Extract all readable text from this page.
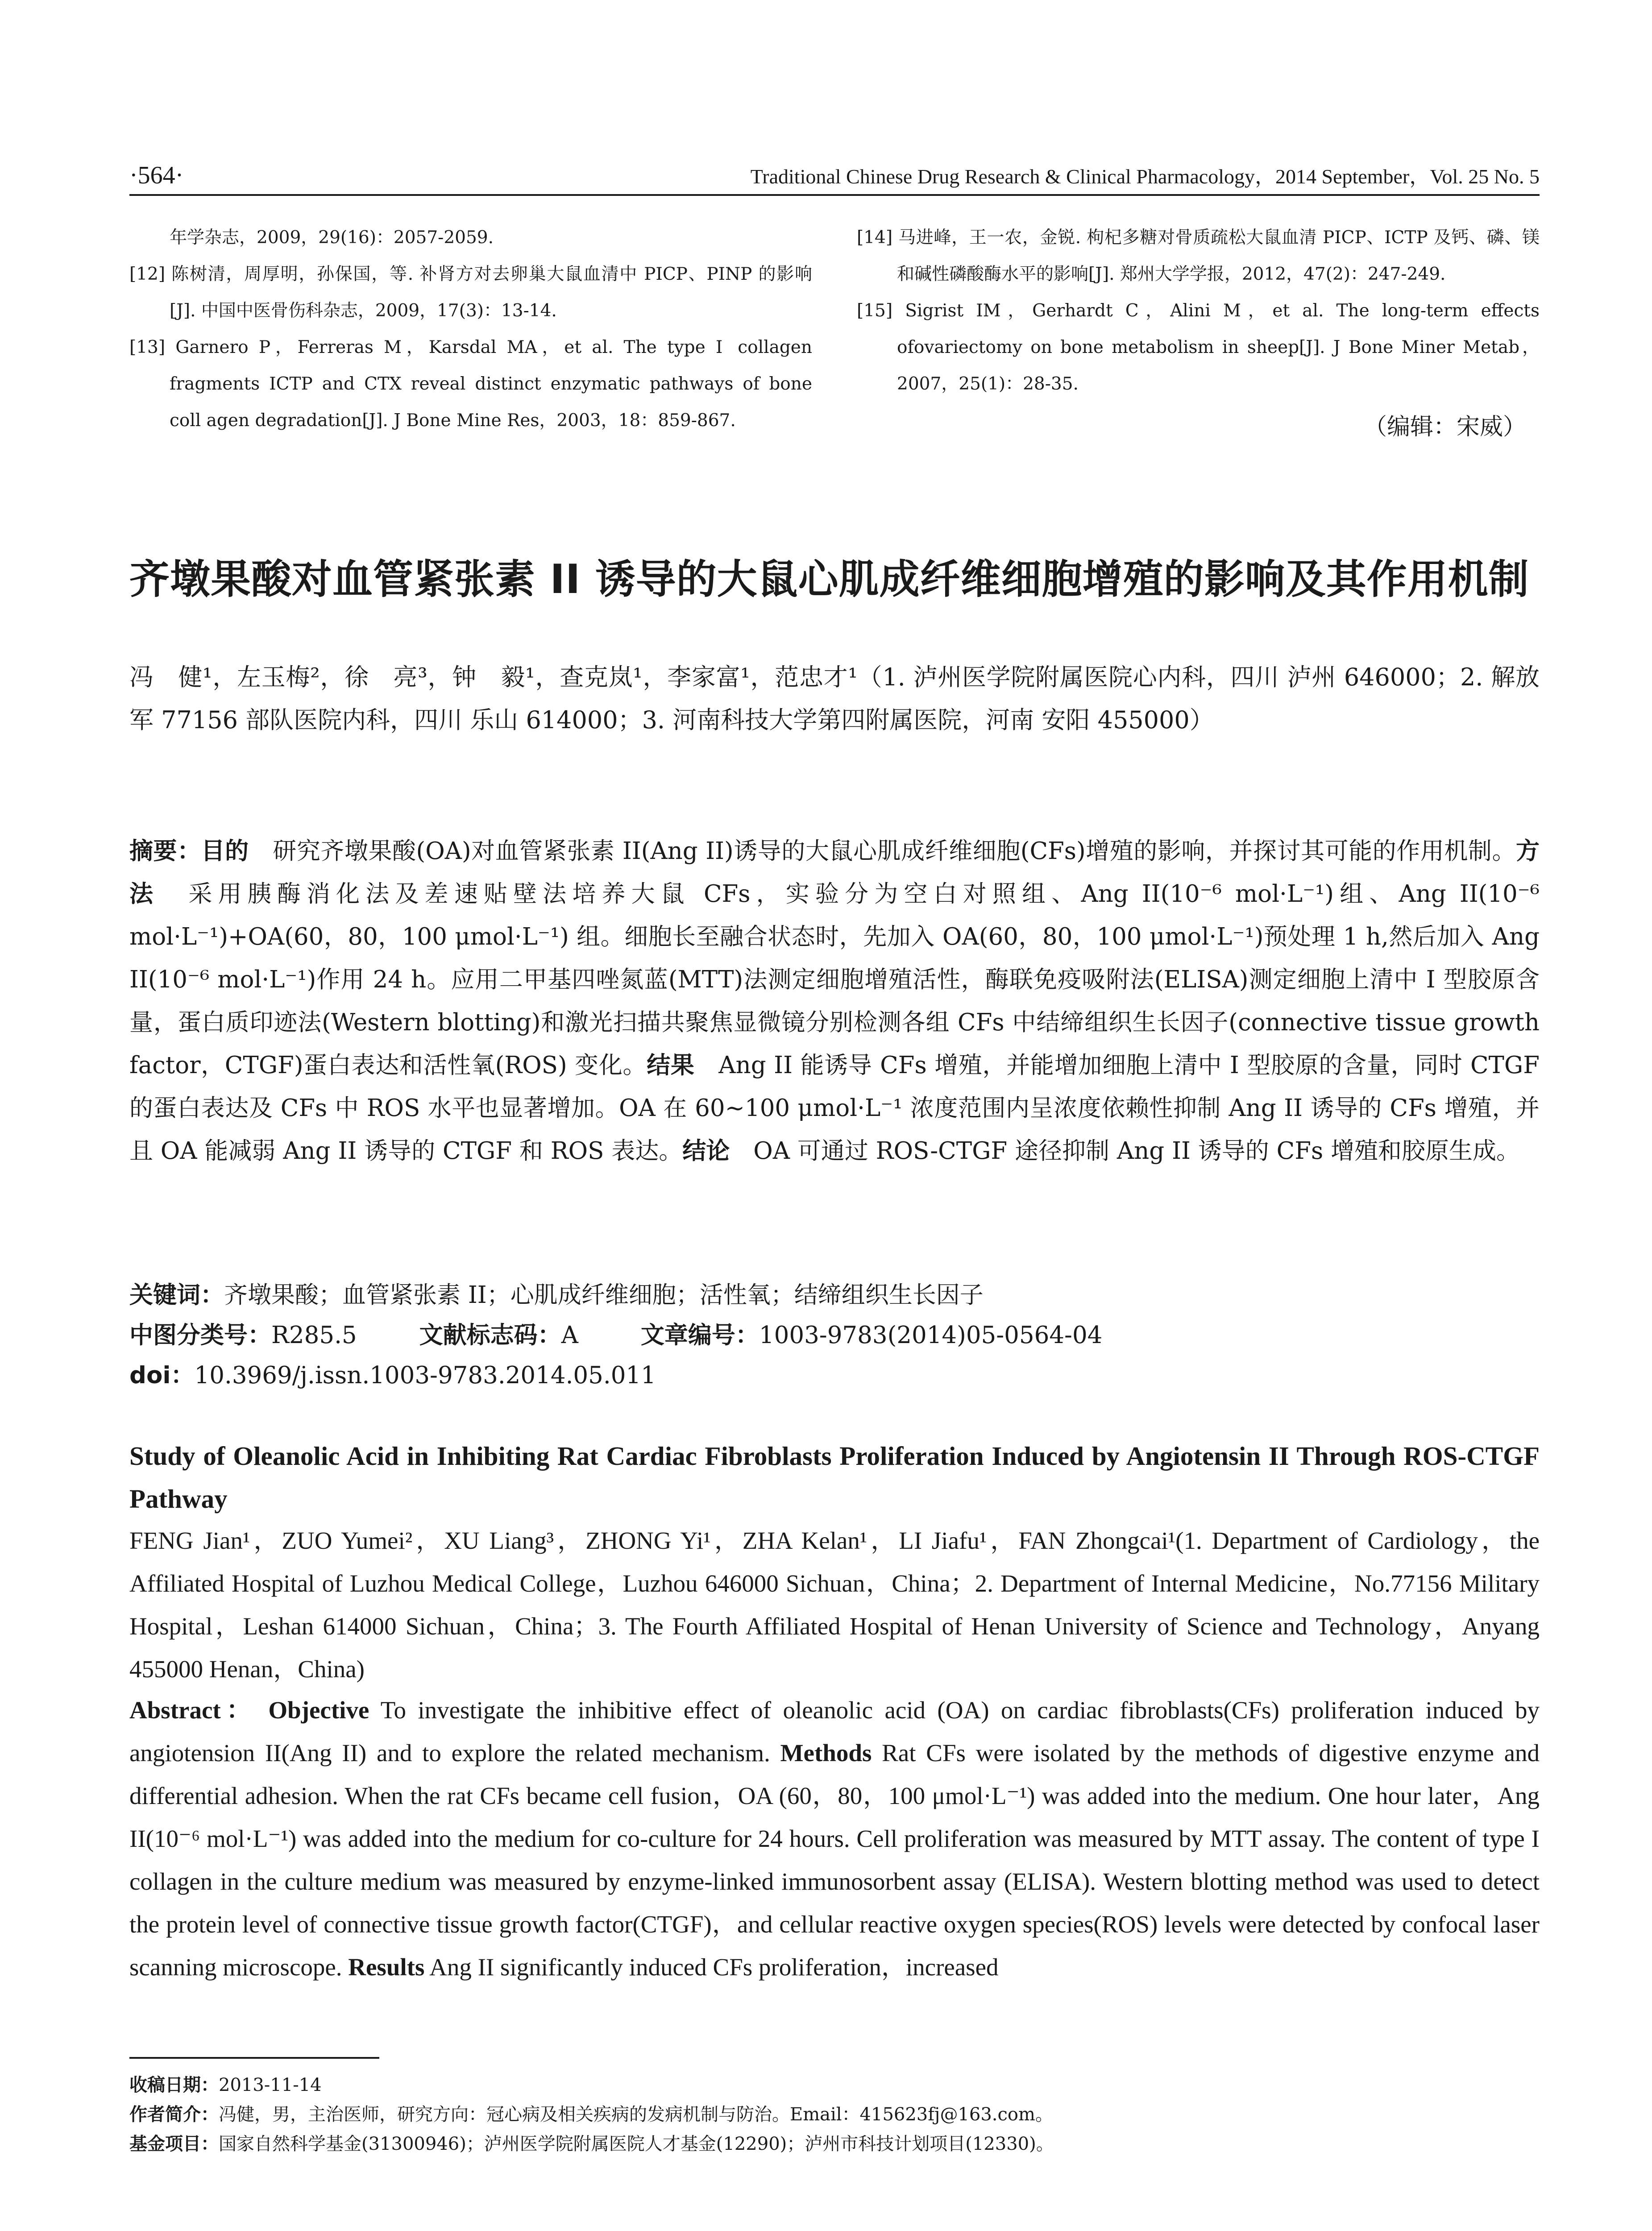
·564·	Traditional Chinese Drug Research & Clinical Pharmacology，2014 September，Vol. 25 No. 5

年学杂志，2009，29(16)：2057-2059.

[12] 陈树清，周厚明，孙保国，等. 补肾方对去卵巢大鼠血清中 PICP、PINP 的影响[J]. 中国中医骨伤科杂志，2009，17(3)：13-14.

[13] Garnero P，Ferreras M，Karsdal MA，et al. The type Ⅰ collagen fragments ICTP and CTX reveal distinct enzymatic pathways of bone coll agen degradation[J]. J Bone Mine Res，2003，18：859-867.

[14] 马进峰，王一农，金锐. 枸杞多糖对骨质疏松大鼠血清 PICP、ICTP 及钙、磷、镁和碱性磷酸酶水平的影响[J]. 郑州大学学报，2012，47(2)：247-249.

[15] Sigrist IM，Gerhardt C，Alini M，et al. The long-term effects ofovariectomy on bone metabolism in sheep[J]. J Bone Miner Metab，2007，25(1)：28-35.

（编辑：宋威）
齐墩果酸对血管紧张素 II 诱导的大鼠心肌成纤维细胞增殖的影响及其作用机制
冯　健¹，左玉梅²，徐　亮³，钟　毅¹，查克岚¹，李家富¹，范忠才¹（1. 泸州医学院附属医院心内科，四川 泸州 646000；2. 解放军 77156 部队医院内科，四川 乐山 614000；3. 河南科技大学第四附属医院，河南 安阳 455000）
摘要：目的　 研究齐墩果酸(OA)对血管紧张素 II(Ang II)诱导的大鼠心肌成纤维细胞(CFs)增殖的影响，并探讨其可能的作用机制。方法　 采用胰酶消化法及差速贴壁法培养大鼠 CFs，实验分为空白对照组、Ang II(10⁻⁶ mol·L⁻¹)组、Ang II(10⁻⁶ mol·L⁻¹)+OA(60，80，100 μmol·L⁻¹) 组。细胞长至融合状态时，先加入 OA(60，80，100 μmol·L⁻¹)预处理 1 h,然后加入 Ang II(10⁻⁶ mol·L⁻¹)作用 24 h。应用二甲基四唑氮蓝(MTT)法测定细胞增殖活性，酶联免疫吸附法(ELISA)测定细胞上清中 I 型胶原含量，蛋白质印迹法(Western blotting)和激光扫描共聚焦显微镜分别检测各组 CFs 中结缔组织生长因子(connective tissue growth factor，CTGF)蛋白表达和活性氧(ROS) 变化。结果　 Ang II 能诱导 CFs 增殖，并能增加细胞上清中 I 型胶原的含量，同时 CTGF 的蛋白表达及 CFs 中 ROS 水平也显著增加。OA 在 60~100 μmol·L⁻¹ 浓度范围内呈浓度依赖性抑制 Ang II 诱导的 CFs 增殖，并且 OA 能减弱 Ang II 诱导的 CTGF 和 ROS 表达。结论　 OA 可通过 ROS-CTGF 途径抑制 Ang II 诱导的 CFs 增殖和胶原生成。
关键词：齐墩果酸；血管紧张素 II；心肌成纤维细胞；活性氧；结缔组织生长因子
中图分类号：R285.5	文献标志码：A	文章编号：1003-9783(2014)05-0564-04
doi：10.3969/j.issn.1003-9783.2014.05.011
Study of Oleanolic Acid in Inhibiting Rat Cardiac Fibroblasts Proliferation Induced by Angiotensin II Through ROS-CTGF Pathway
FENG Jian¹，ZUO Yumei²，XU Liang³，ZHONG Yi¹，ZHA Kelan¹，LI Jiafu¹，FAN Zhongcai¹(1. Department of Cardiology，the Affiliated Hospital of Luzhou Medical College，Luzhou 646000 Sichuan，China；2. Department of Internal Medicine，No.77156 Military Hospital，Leshan 614000 Sichuan，China；3. The Fourth Affiliated Hospital of Henan University of Science and Technology，Anyang 455000 Henan，China)
Abstract： Objective To investigate the inhibitive effect of oleanolic acid (OA) on cardiac fibroblasts(CFs) proliferation induced by angiotension II(Ang II) and to explore the related mechanism. Methods Rat CFs were isolated by the methods of digestive enzyme and differential adhesion. When the rat CFs became cell fusion，OA (60，80，100 μmol·L⁻¹) was added into the medium. One hour later，Ang II(10⁻⁶ mol·L⁻¹) was added into the medium for co-culture for 24 hours. Cell proliferation was measured by MTT assay. The content of type I collagen in the culture medium was measured by enzyme-linked immunosorbent assay (ELISA). Western blotting method was used to detect the protein level of connective tissue growth factor(CTGF)，and cellular reactive oxygen species(ROS) levels were detected by confocal laser scanning microscope. Results Ang II significantly induced CFs proliferation，increased
收稿日期：2013-11-14
作者简介：冯健，男，主治医师，研究方向：冠心病及相关疾病的发病机制与防治。Email：415623fj@163.com。
基金项目：国家自然科学基金(31300946)；泸州医学院附属医院人才基金(12290)；泸州市科技计划项目(12330)。
